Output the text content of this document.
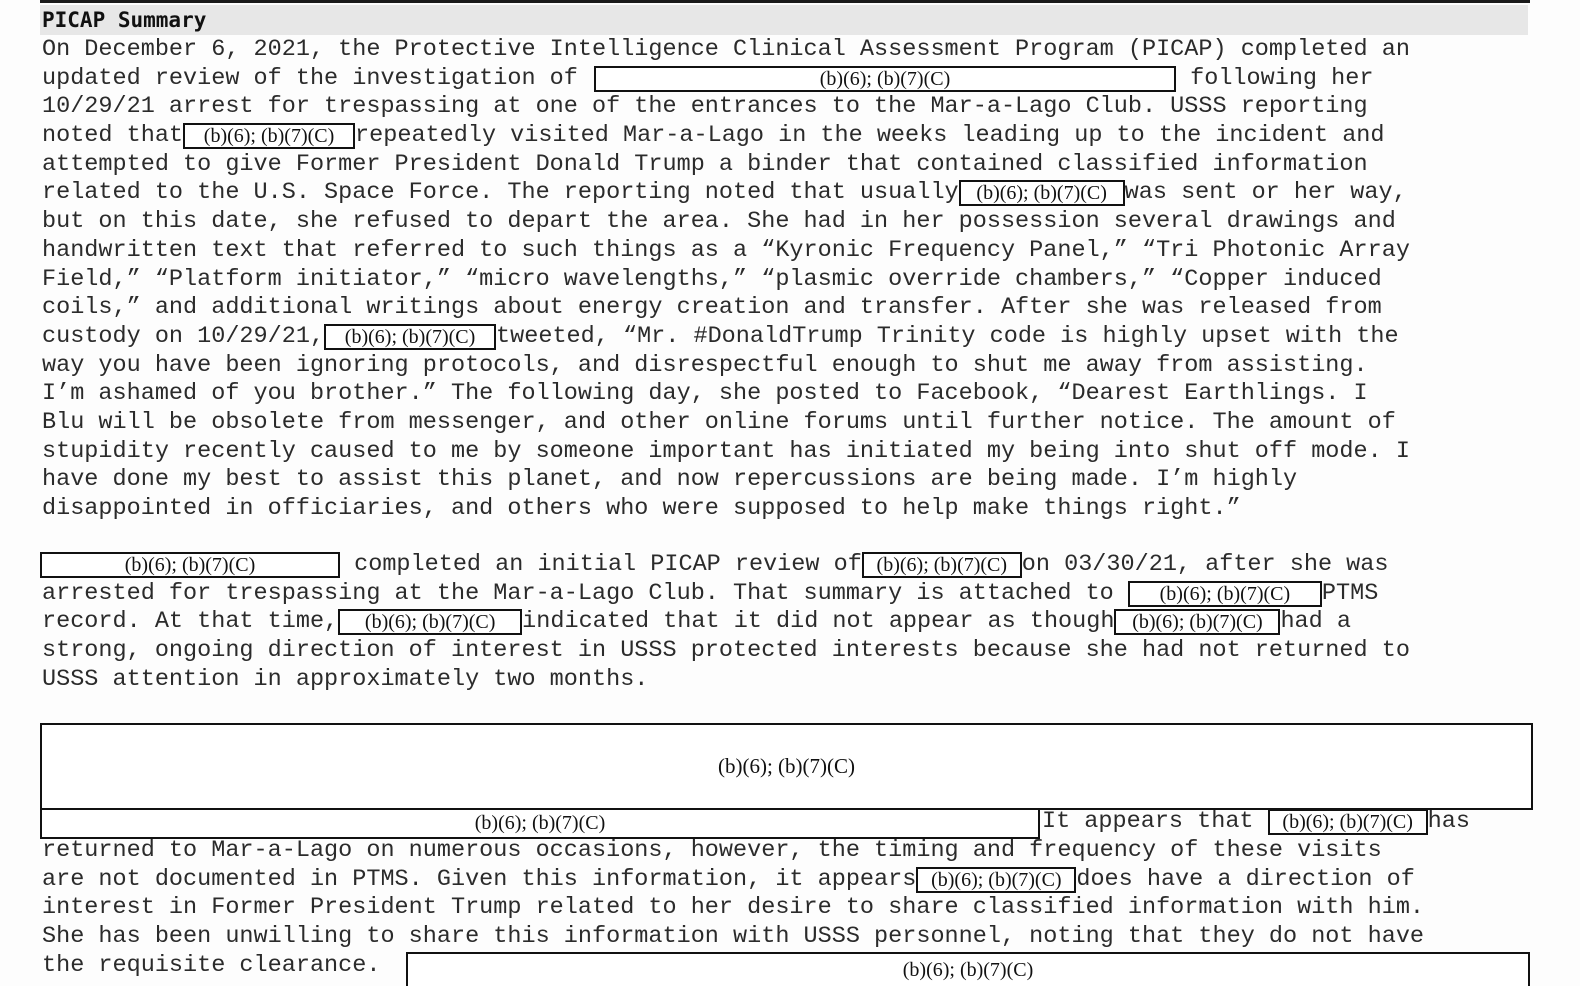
PICAP Summary
On December 6, 2021, the Protective Intelligence Clinical Assessment Program (PICAP) completed an
updated review of the investigation of	(b)(6); (b)(7)(C)	following her
10/29/21 arrest for trespassing at one of the entrances to the Mar-a-Lago Club. USSS reporting
noted that (b)(6); (b)(7)(C) repeatedly visited Mar-a-Lago in the weeks leading up to the incident and
attempted to give Former President Donald Trump a binder that contained classified information
related to the U.S. Space Force. The reporting noted that usually (b)(6); (b)(7)(C) was sent or her way,
but on this date, she refused to depart the area. She had in her possession several drawings and
handwritten text that referred to such things as a “Kyronic Frequency Panel,” “Tri Photonic Array
Field,” “Platform initiator,” “micro wavelengths,” “plasmic override chambers,” “Copper induced
coils,” and additional writings about energy creation and transfer. After she was released from
custody on 10/29/21, (b)(6); (b)(7)(C) tweeted, “Mr. #DonaldTrump Trinity code is highly upset with the
way you have been ignoring protocols, and disrespectful enough to shut me away from assisting.
I’m ashamed of you brother.” The following day, she posted to Facebook, “Dearest Earthlings. I
Blu will be obsolete from messenger, and other online forums until further notice. The amount of
stupidity recently caused to me by someone important has initiated my being into shut off mode. I
have done my best to assist this planet, and now repercussions are being made. I’m highly
disappointed in officiaries, and others who were supposed to help make things right.”
(b)(6); (b)(7)(C)	completed an initial PICAP review of (b)(6); (b)(7)(C) on 03/30/21, after she was
arrested for trespassing at the Mar-a-Lago Club. That summary is attached to (b)(6); (b)(7)(C) PTMS
record. At that time, (b)(6); (b)(7)(C) indicated that it did not appear as though (b)(6); (b)(7)(C) had a
strong, ongoing direction of interest in USSS protected interests because she had not returned to
USSS attention in approximately two months.
(b)(6); (b)(7)(C)
(b)(6); (b)(7)(C)	It appears that (b)(6); (b)(7)(C) has
returned to Mar-a-Lago on numerous occasions, however, the timing and frequency of these visits
are not documented in PTMS. Given this information, it appears (b)(6); (b)(7)(C) does have a direction of
interest in Former President Trump related to her desire to share classified information with him.
She has been unwilling to share this information with USSS personnel, noting that they do not have
the requisite clearance.	(b)(6); (b)(7)(C)
